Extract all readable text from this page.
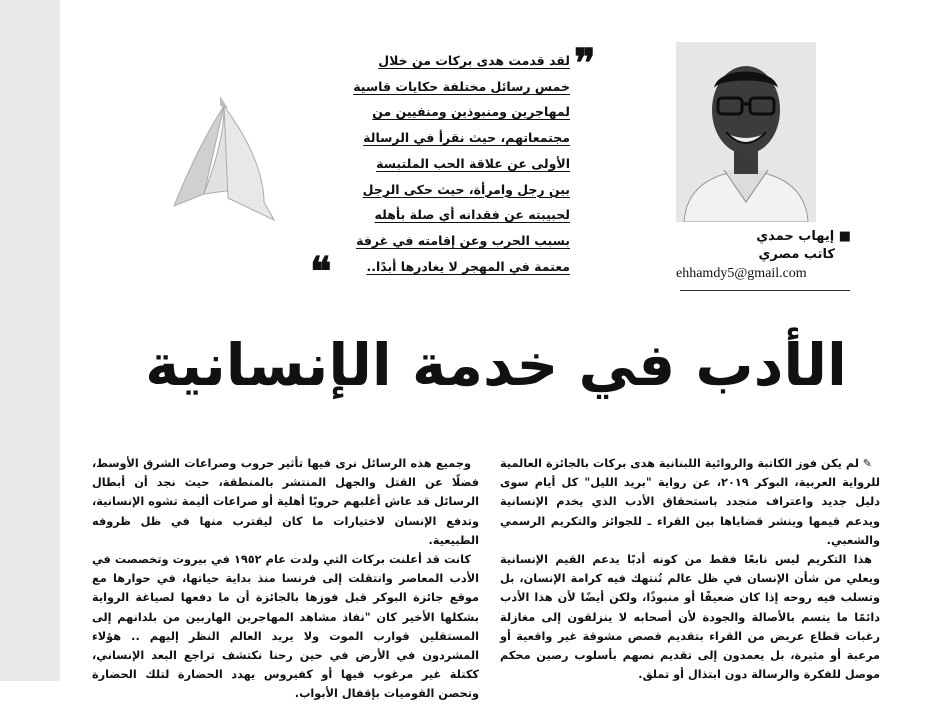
■ إيهاب حمدي
كاتب مصري
ehhamdy5@gmail.com
❞
لقد قدمت هدى بركات من خلال
خمس رسائل مختلفة حكايات قاسية
لمهاجرين ومنبوذين ومنفيين من
مجتمعاتهم، حيث نقرأ في الرسالة
الأولى عن علاقة الحب الملتبسة
بين رجل وامرأة، حيث حكى الرجل
لحبيبته عن فقدانه أي صلة بأهله
بسبب الحرب وعن إقامته في غرفة
معتمة في المهجر لا يغادرها أبدًا..
❝
الأدب في خدمة الإنسانية

✎ لم يكن فوز الكاتبة والروائية اللبنانية هدى بركات بالجائزة العالمية للرواية العربية، البوكر ٢٠١٩، عن رواية "بريد الليل" كل أيام سوى دليل جديد واعتراف متجدد باستحقاق الأدب الذي يخدم الإنسانية ويدعم قيمها وينشر قضاياها بين القراء ـ للجوائز والتكريم الرسمي والشعبي.

هذا التكريم ليس نابعًا فقط من كونه أدبًا يدعم القيم الإنسانية ويعلي من شأن الإنسان في ظل عالم تُنتهك فيه كرامة الإنسان، بل وتسلب فيه روحه إذا كان ضعيفًا أو منبوذًا، ولكن أيضًا لأن هذا الأدب دائمًا ما يتسم بالأصالة والجودة لأن أصحابه لا ينزلقون إلى مغازلة رغبات قطاع عريض من القراء بتقديم قصص مشوقة غير واقعية أو مرعبة أو مثيرة، بل يعمدون إلى تقديم نصهم بأسلوب رصين محكم موصل للفكرة والرسالة دون ابتذال أو تملق.

وجميع هذه الرسائل نرى فيها تأثير حروب وصراعات الشرق الأوسط، فضلًا عن القتل والجهل المنتشر بالمنطقة، حيث نجد أن أبطال الرسائل قد عاش أغلبهم حروبًا أهلية أو صراعات أليمة تشوه الإنسانية، وتدفع الإنسان لاختيارات ما كان ليقترب منها في ظل ظروفه الطبيعية.

كانت قد أعلنت بركات التي ولدت عام ١٩٥٢ في بيروت وتخصصت في الأدب المعاصر وانتقلت إلى فرنسا منذ بداية حياتها، في حوارها مع موقع جائزة البوكر قبل فوزها بالجائزة أن ما دفعها لصياغة الرواية بشكلها الأخير كان "نفاذ مشاهد المهاجرين الهاربين من بلدانهم إلى المستقلين قوارب الموت ولا يريد العالم النظر إليهم .. هؤلاء المشردون في الأرض في حين رحنا نكتشف تراجع البعد الإنساني، ككتلة غير مرغوب فيها أو كفيروس يهدد الحضارة لتلك الحضارة وتحصن القوميات بإقفال الأبواب.
